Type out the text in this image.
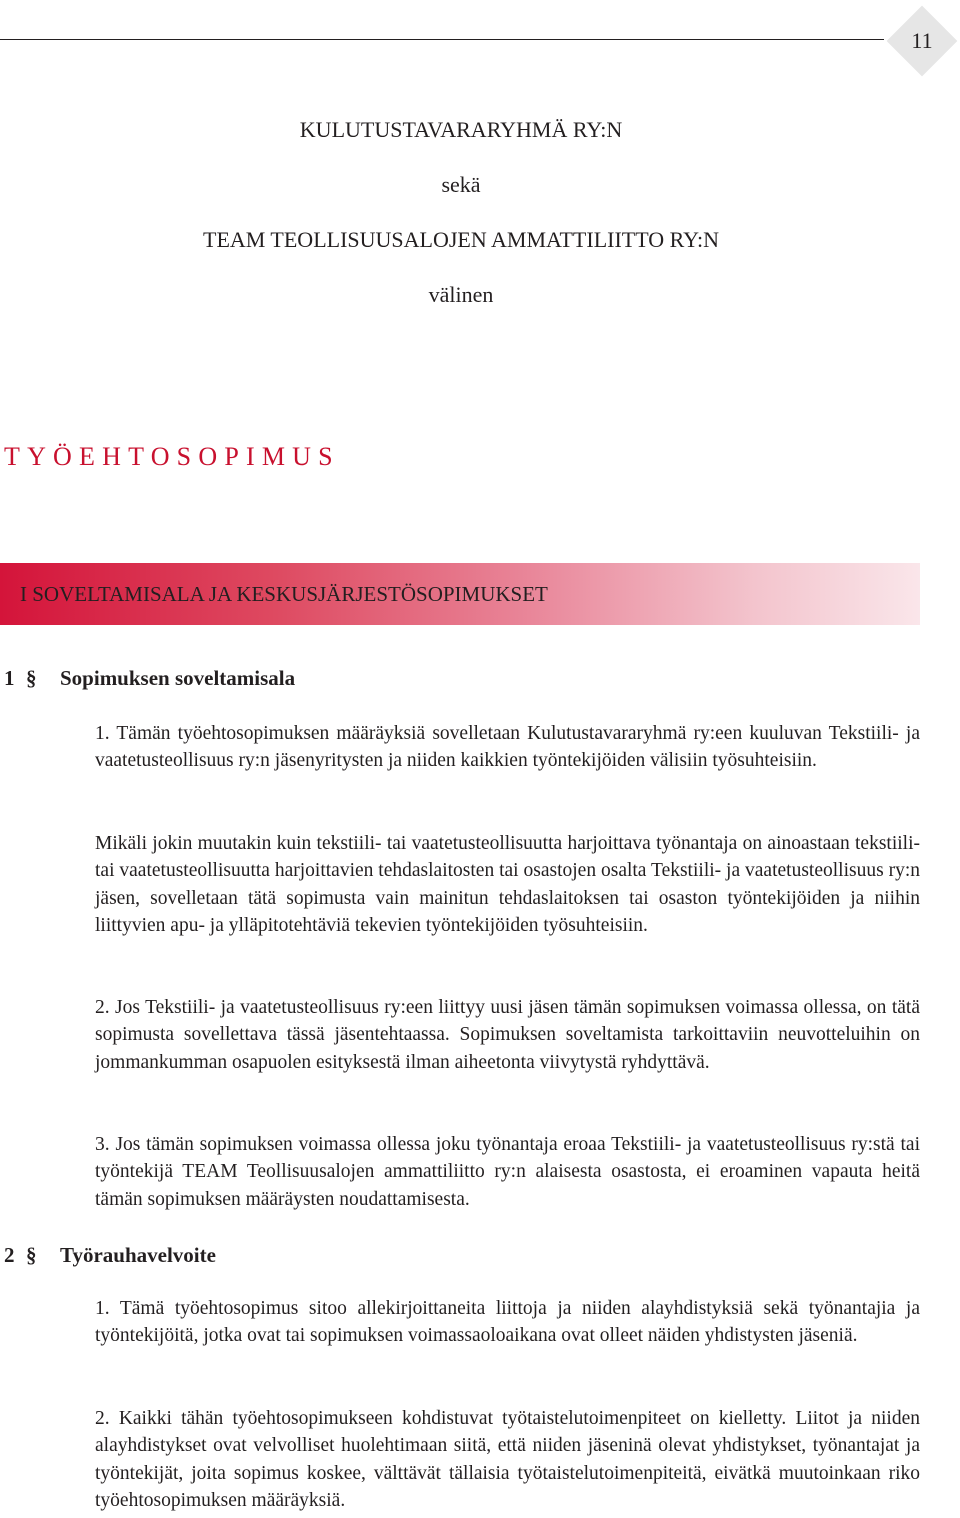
11
KULUTUSTAVARARYHMÄ RY:N
sekä
TEAM TEOLLISUUSALOJEN AMMATTILIITTO RY:N
välinen
TYÖEHTOSOPIMUS
I SOVELTAMISALA JA KESKUSJÄRJESTÖSOPIMUKSET
1 § Sopimuksen soveltamisala

1. Tämän työehtosopimuksen määräyksiä sovelletaan Kulutustavararyhmä ry:een kuuluvan Tekstiili- ja vaatetusteollisuus ry:n jäsenyritysten ja niiden kaikkien työntekijöiden välisiin työsuhteisiin.

Mikäli jokin muutakin kuin tekstiili- tai vaatetusteollisuutta harjoittava työnantaja on ainoastaan tekstiili- tai vaatetusteollisuutta harjoittavien tehdaslaitosten tai osastojen osalta Tekstiili- ja vaatetusteollisuus ry:n jäsen, sovelletaan tätä sopimusta vain mainitun tehdaslaitoksen tai osaston työntekijöiden ja niihin liittyvien apu- ja ylläpitotehtäviä tekevien työntekijöiden työsuhteisiin.

2. Jos Tekstiili- ja vaatetusteollisuus ry:een liittyy uusi jäsen tämän sopimuksen voimassa ollessa, on tätä sopimusta sovellettava tässä jäsentehtaassa. Sopimuksen soveltamista tarkoittaviin neuvotteluihin on jommankumman osapuolen esityksestä ilman aiheetonta viivytystä ryhdyttävä.

3. Jos tämän sopimuksen voimassa ollessa joku työnantaja eroaa Tekstiili- ja vaatetusteollisuus ry:stä tai työntekijä TEAM Teollisuusalojen ammattiliitto ry:n alaisesta osastosta, ei eroaminen vapauta heitä tämän sopimuksen määräysten noudattamisesta.

2 § Työrauhavelvoite

1. Tämä työehtosopimus sitoo allekirjoittaneita liittoja ja niiden alayhdistyksiä sekä työnantajia ja työntekijöitä, jotka ovat tai sopimuksen voimassaoloaikana ovat olleet näiden yhdistysten jäseniä.

2. Kaikki tähän työehtosopimukseen kohdistuvat työtaistelutoimenpiteet on kielletty. Liitot ja niiden alayhdistykset ovat velvolliset huolehtimaan siitä, että niiden jäseninä olevat yhdistykset, työnantajat ja työntekijät, joita sopimus koskee, välttävät tällaisia työtaistelutoimenpiteitä, eivätkä muutoinkaan riko työehtosopimuksen määräyksiä.
